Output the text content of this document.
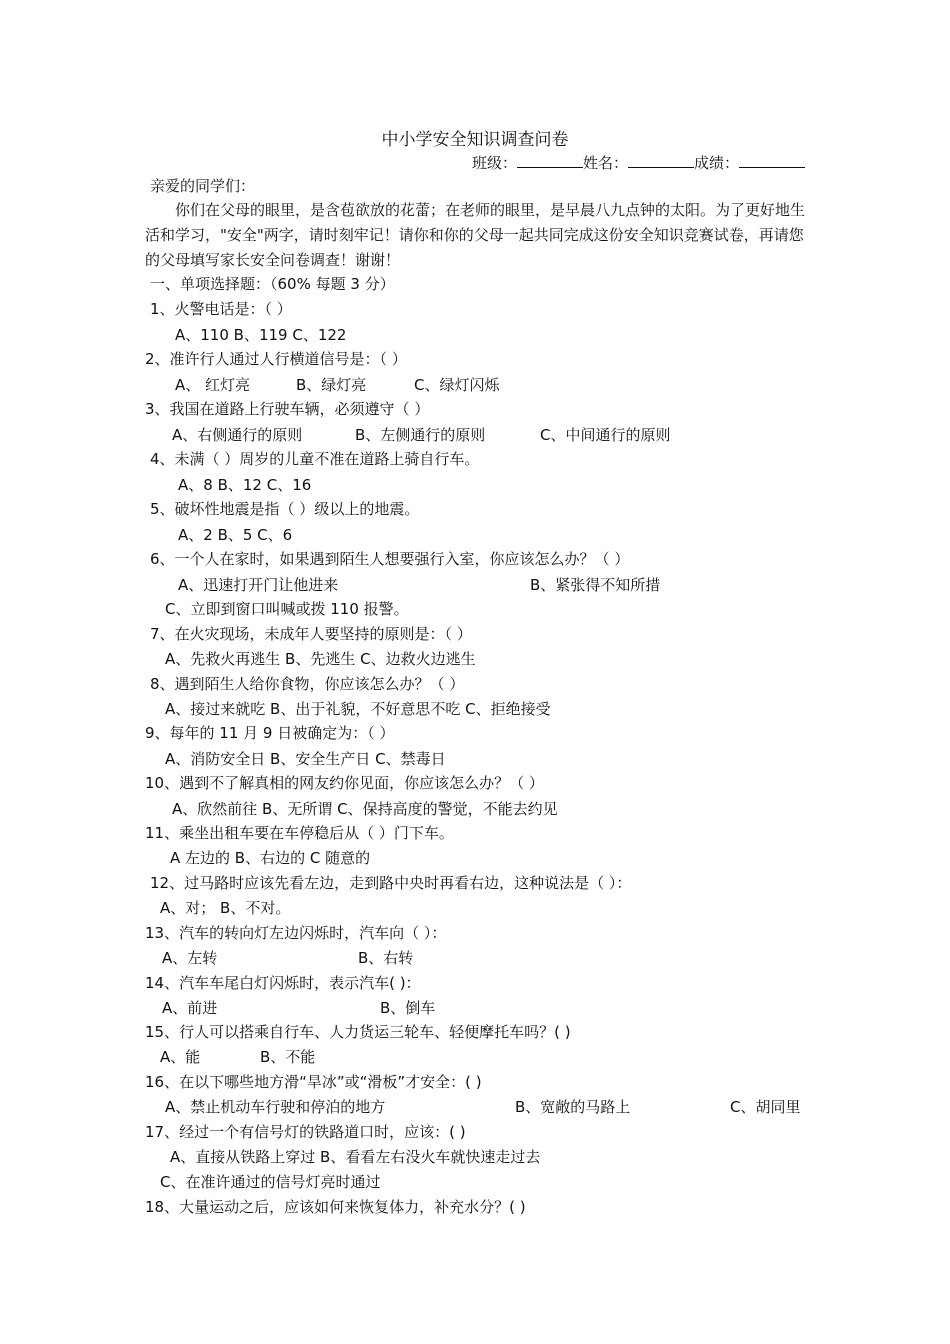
中小学安全知识调查问卷
班级：	姓名：	成绩：
亲爱的同学们：
你们在父母的眼里，是含苞欲放的花蕾；在老师的眼里，是早晨八九点钟的太阳。为了更好地生活和学习，"安全"两字，请时刻牢记！请你和你的父母一起共同完成这份安全知识竞赛试卷，再请您的父母填写家长安全问卷调查！谢谢！
一、单项选择题：（60% 每题 3 分）
1、火警电话是：（ ）
A、110 B、119 C、122
2、准许行人通过人行横道信号是：（ ）
A、 红灯亮	B、绿灯亮	C、绿灯闪烁
3、我国在道路上行驶车辆，必须遵守（ ）
A、右侧通行的原则	B、左侧通行的原则	C、中间通行的原则
4、未满（ ）周岁的儿童不准在道路上骑自行车。
A、8 B、12 C、16
5、破坏性地震是指（ ）级以上的地震。
A、2 B、5 C、6
6、一个人在家时，如果遇到陌生人想要强行入室，你应该怎么办？（ ）
A、迅速打开门让他进来	B、紧张得不知所措
C、立即到窗口叫喊或拨 110 报警。
7、在火灾现场，未成年人要坚持的原则是：（ ）
A、先救火再逃生 B、先逃生 C、边救火边逃生
8、遇到陌生人给你食物，你应该怎么办？（ ）
A、接过来就吃 B、出于礼貌，不好意思不吃 C、拒绝接受
9、每年的 11 月 9 日被确定为：（ ）
A、消防安全日 B、安全生产日 C、禁毒日
10、遇到不了解真相的网友约你见面，你应该怎么办？（ ）
A、欣然前往 B、无所谓 C、保持高度的警觉，不能去约见
11、乘坐出租车要在车停稳后从（ ）门下车。
A 左边的 B、右边的 C 随意的
12、过马路时应该先看左边，走到路中央时再看右边，这种说法是（ ）：
A、对； B、不对。
13、汽车的转向灯左边闪烁时，汽车向（ ）：
A、左转	B、右转
14、汽车车尾白灯闪烁时，表示汽车( )：
A、前进	B、倒车
15、行人可以搭乘自行车、人力货运三轮车、轻便摩托车吗？( )
A、能	B、不能
16、在以下哪些地方滑“旱冰”或“滑板”才安全：( )
A、禁止机动车行驶和停泊的地方	B、宽敞的马路上	C、胡同里
17、经过一个有信号灯的铁路道口时，应该：( )
A、直接从铁路上穿过 B、看看左右没火车就快速走过去
C、在准许通过的信号灯亮时通过
18、大量运动之后，应该如何来恢复体力，补充水分？( )
